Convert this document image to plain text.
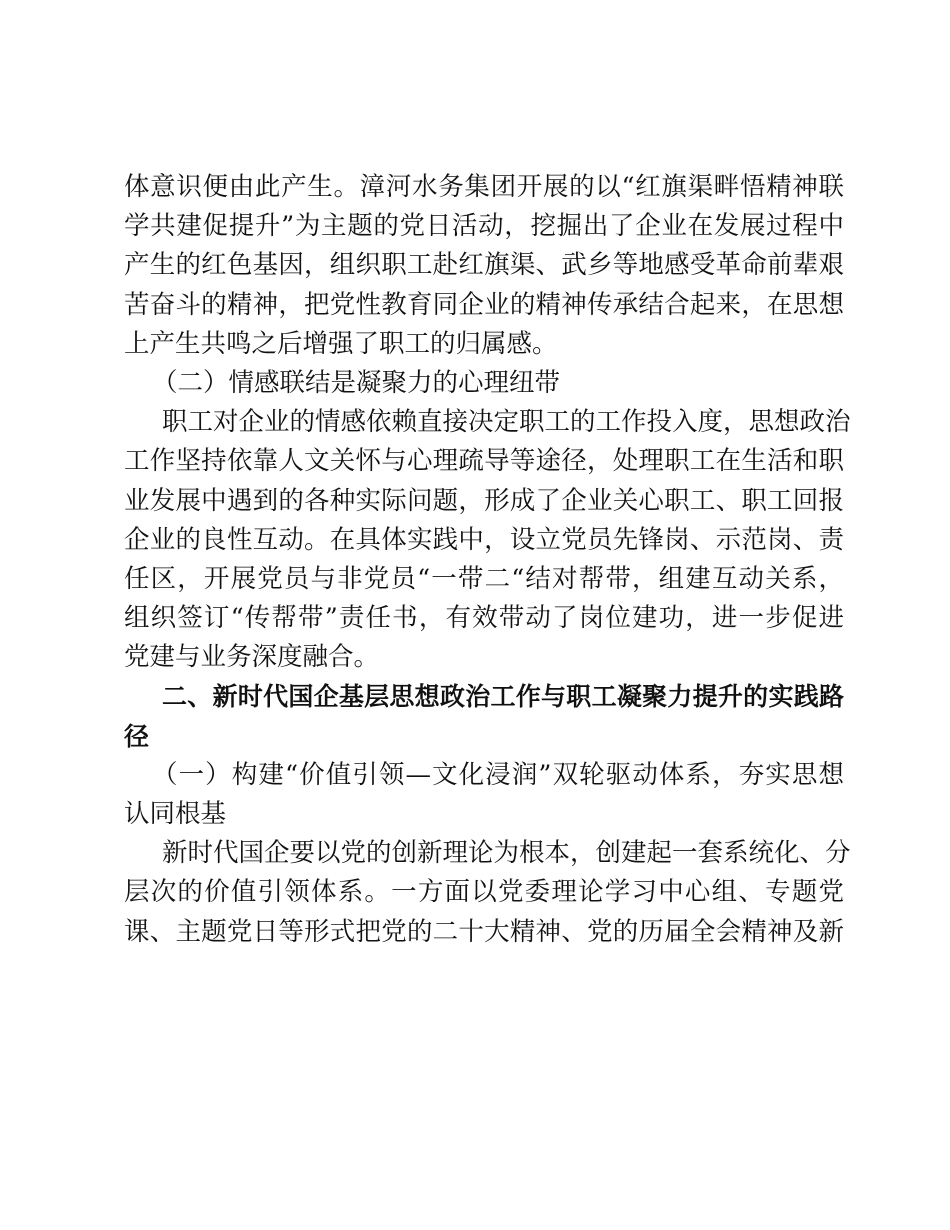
体意识便由此产生。漳河水务集团开展的以“红旗渠畔悟精神联
学共建促提升”为主题的党日活动，挖掘出了企业在发展过程中
产生的红色基因，组织职工赴红旗渠、武乡等地感受革命前辈艰
苦奋斗的精神，把党性教育同企业的精神传承结合起来，在思想
上产生共鸣之后增强了职工的归属感。
（二）情感联结是凝聚力的心理纽带
职工对企业的情感依赖直接决定职工的工作投入度，思想政治
工作坚持依靠人文关怀与心理疏导等途径，处理职工在生活和职
业发展中遇到的各种实际问题，形成了企业关心职工、职工回报
企业的良性互动。在具体实践中，设立党员先锋岗、示范岗、责
任区，开展党员与非党员“一带二“结对帮带，组建互动关系，
组织签订“传帮带”责任书，有效带动了岗位建功，进一步促进
党建与业务深度融合。
二、新时代国企基层思想政治工作与职工凝聚力提升的实践路
径
（一）构建“价值引领—文化浸润”双轮驱动体系，夯实思想
认同根基
新时代国企要以党的创新理论为根本，创建起一套系统化、分
层次的价值引领体系。一方面以党委理论学习中心组、专题党
课、主题党日等形式把党的二十大精神、党的历届全会精神及新
